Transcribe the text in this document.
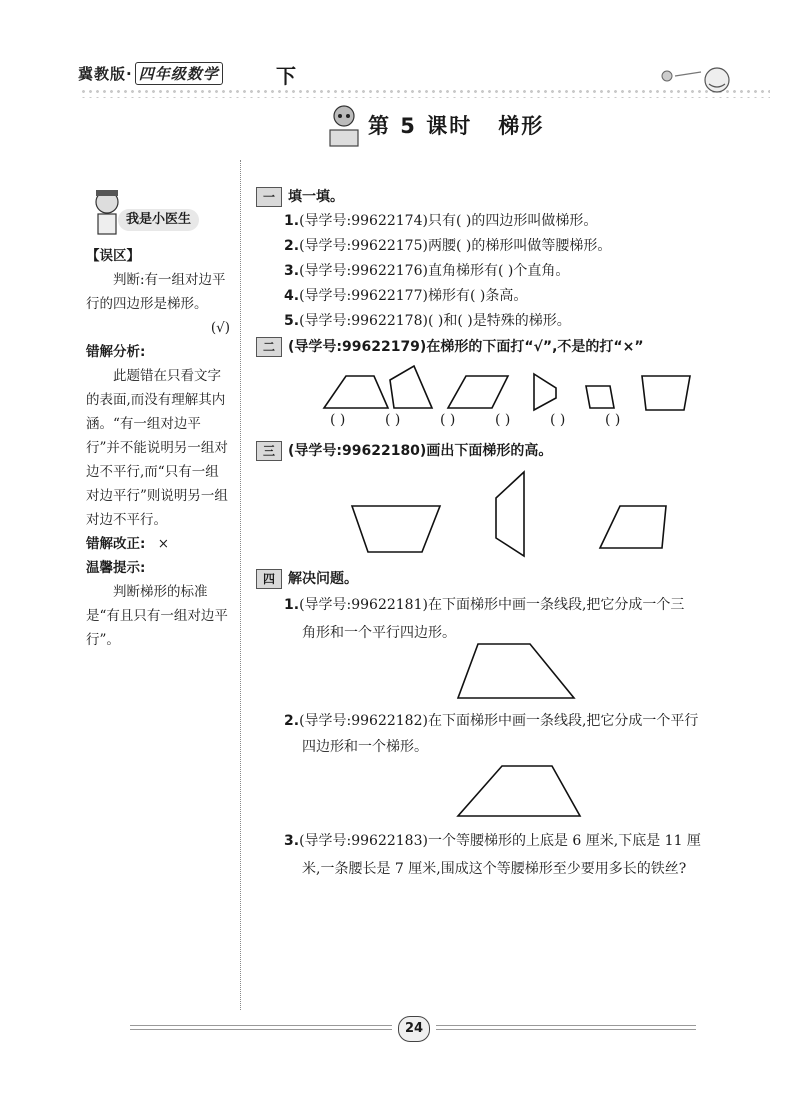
冀教版· 四年级数学	下
第 5 课时 梯形
我是小医生
【误区】
判断:有一组对边平行的四边形是梯形。
(√)
错解分析:
此题错在只看文字的表面,而没有理解其内涵。“有一组对边平行”并不能说明另一组对边不平行,而“只有一组对边平行”则说明另一组对边不平行。
错解改正: ×
温馨提示:
判断梯形的标准是“有且只有一组对边平行”。
一 填一填。
1.(导学号:99622174)只有( )的四边形叫做梯形。
2.(导学号:99622175)两腰( )的梯形叫做等腰梯形。
3.(导学号:99622176)直角梯形有( )个直角。
4.(导学号:99622177)梯形有( )条高。
5.(导学号:99622178)( )和( )是特殊的梯形。
二 (导学号:99622179)在梯形的下面打“√”,不是的打“×”
( )	( )	( )	( )	( )	( )
三 (导学号:99622180)画出下面梯形的高。
四 解决问题。
1.(导学号:99622181)在下面梯形中画一条线段,把它分成一个三
角形和一个平行四边形。
2.(导学号:99622182)在下面梯形中画一条线段,把它分成一个平行
四边形和一个梯形。
3.(导学号:99622183)一个等腰梯形的上底是 6 厘米,下底是 11 厘
米,一条腰长是 7 厘米,围成这个等腰梯形至少要用多长的铁丝?
24
